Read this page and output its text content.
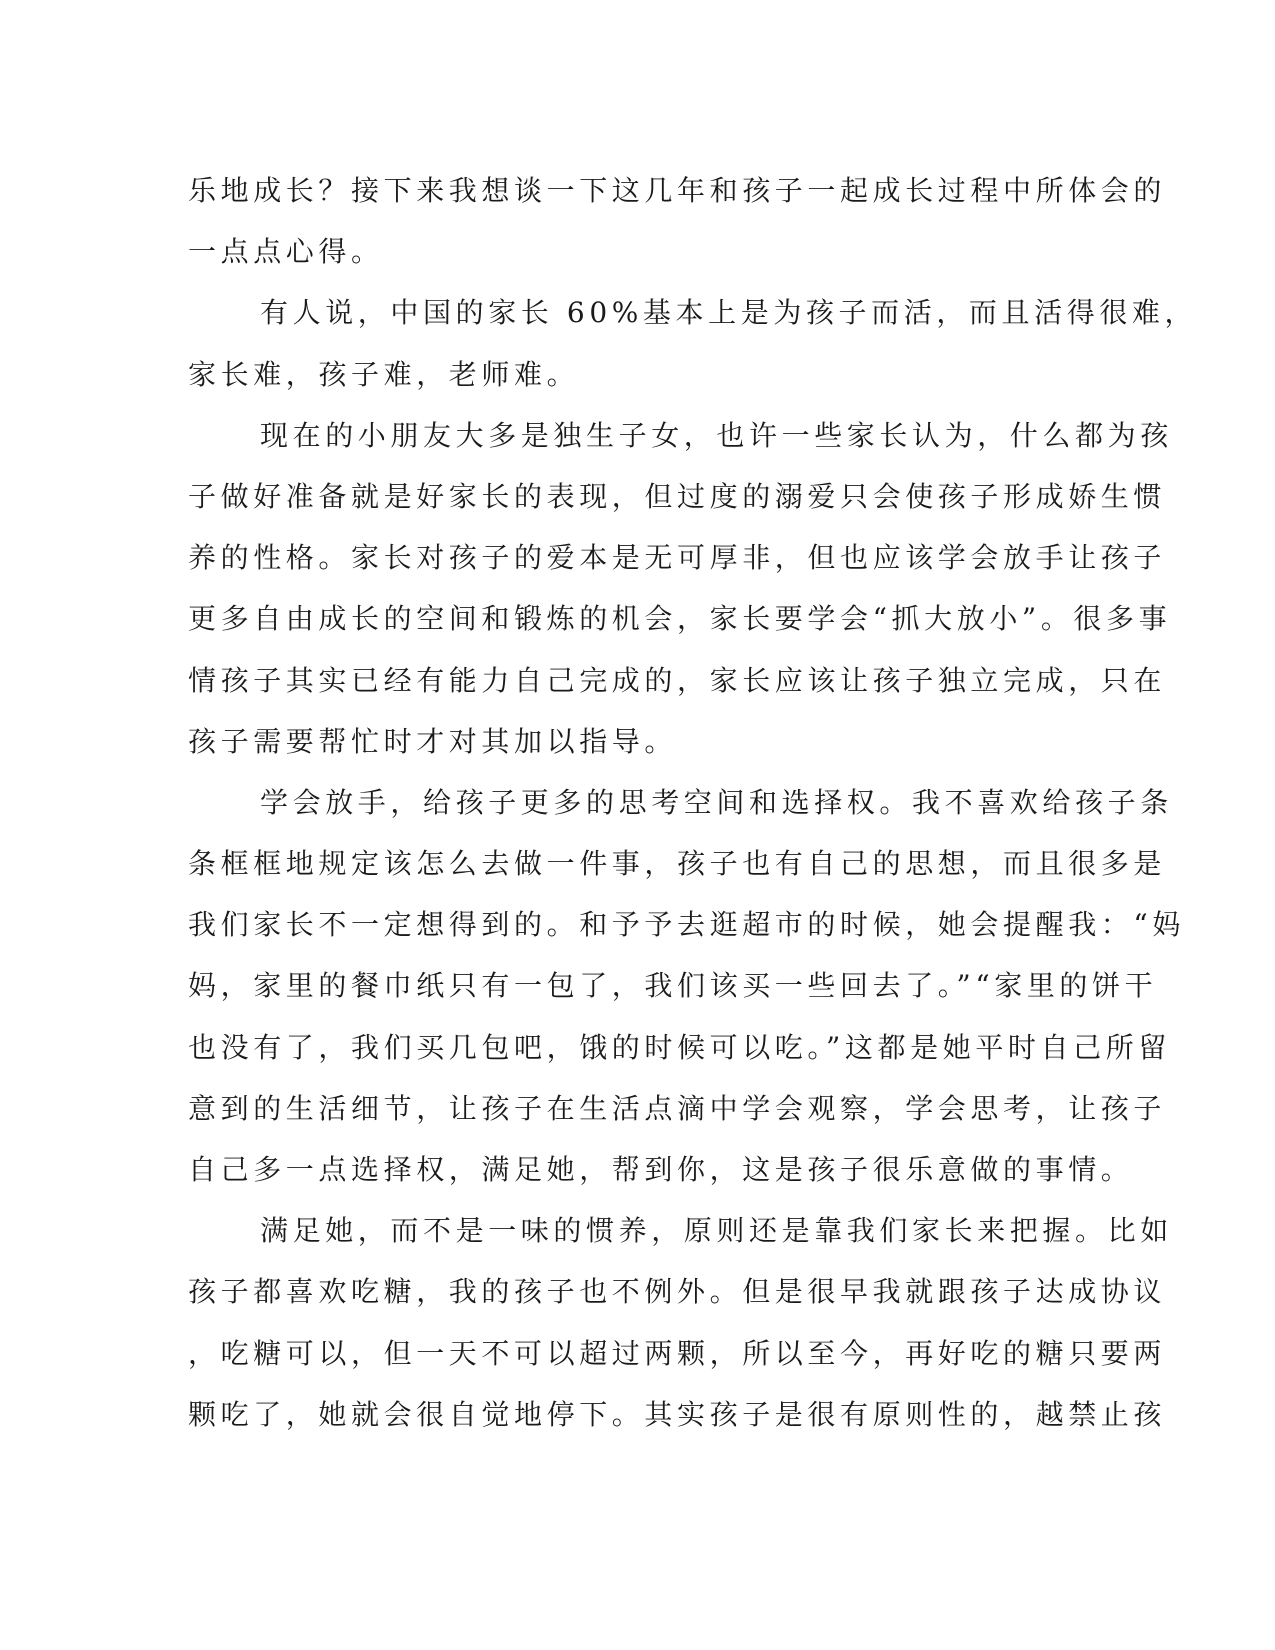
乐地成长？接下来我想谈一下这几年和孩子一起成长过程中所体会的
一点点心得。
有人说，中国的家长 60%基本上是为孩子而活，而且活得很难，
家长难，孩子难，老师难。
现在的小朋友大多是独生子女，也许一些家长认为，什么都为孩
子做好准备就是好家长的表现，但过度的溺爱只会使孩子形成娇生惯
养的性格。家长对孩子的爱本是无可厚非，但也应该学会放手让孩子
更多自由成长的空间和锻炼的机会，家长要学会“抓大放小”。很多事
情孩子其实已经有能力自己完成的，家长应该让孩子独立完成，只在
孩子需要帮忙时才对其加以指导。
学会放手，给孩子更多的思考空间和选择权。我不喜欢给孩子条
条框框地规定该怎么去做一件事，孩子也有自己的思想，而且很多是
我们家长不一定想得到的。和予予去逛超市的时候，她会提醒我：“妈
妈，家里的餐巾纸只有一包了，我们该买一些回去了。”“家里的饼干
也没有了，我们买几包吧，饿的时候可以吃。”这都是她平时自己所留
意到的生活细节，让孩子在生活点滴中学会观察，学会思考，让孩子
自己多一点选择权，满足她，帮到你，这是孩子很乐意做的事情。
满足她，而不是一味的惯养，原则还是靠我们家长来把握。比如
孩子都喜欢吃糖，我的孩子也不例外。但是很早我就跟孩子达成协议
，吃糖可以，但一天不可以超过两颗，所以至今，再好吃的糖只要两
颗吃了，她就会很自觉地停下。其实孩子是很有原则性的，越禁止孩
